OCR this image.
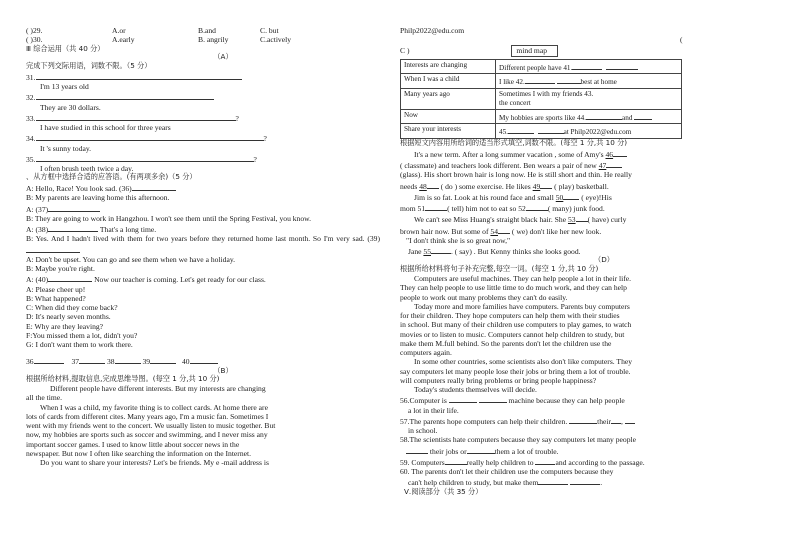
( )29.	A.or	B.and	C. but
( )30.	A.early	B. angrily	C.actively
Ⅲ 综合运用（共 40 分）
（A）
完成下列交际用语，词数不限。（5 分）
31.
I'm 13 years old
32.
They are 30 dollars.
33.	?
I have studied in this school for three years
34.	?
It 's sunny today.
35.	?
I often brush teeth twice a day.
、从方框中选择合适的应答语。(有两项多余)（5 分）
A: Hello, Race! You look sad. (36)
B: My parents are leaving home this afternoon.
A: (37)
B: They are going to work in Hangzhou. I won't see them until the Spring Festival, you know.
A: (38)	That's a long time.
B: Yes. And I hadn't lived with them for two years before they returned home last month. So I'm very sad. (39)
A: Don't be upset. You can go and see them when we have a holiday.
B: Maybe you're right.
A: (40)	Now our teacher is coming. Let's get ready for our class.
A: Please cheer up!
B: What happened?
C: When did they come back?
D: It's nearly seven months.
E: Why are they leaving?
F:You missed them a lot, didn't you?
G: I don't want them to work there.
36	37	38	39	40
（B）
根据所给材料,提取信息,完成思维导图。(每空 1 分,共 10 分)
Different people have different interests. But my interests are changing
all the time.
When I was a child, my favorite thing is to collect cards. At home there are
lots of cards from different cites. Many years ago, I'm a music fan. Sometimes I
went with my friends went to the concert. We usually listen to music together. But
now, my hobbies are sports such as soccer and swimming, and I never miss any
important soccer games. I used to know little about soccer news in the
newspaper. But now I often like searching the information on the Internet.
Do you want to share your interests? Let's be friends. My e -mail address is
Philp2022@edu.com
(
C )	mind map
Interests are changing	Different people have 41.
When I was a child	I like 42. best at home
Many years ago	Sometimes I with my friends 43.
the concert
Now	My hobbies are sports like 44. and
Share your interests	45. at Philp2022@edu.com
根据短文内容用所给词的适当形式填空,词数不限。(每空 1 分,共 10 分)
It's a new term. After a long summer vacation , some of Amy's 46
( classmate) and teachers look different. Ben wears a pair of new 47
(glass). His short brown hair is long now. He is still short and thin. He really
needs 48 ( do ) some exercise. He likes 49 ( play) basketball.
Jim is so fat. Look at his round face and small 50 ( eye)!His
mom 51	( tell) him not to eat so 52	( many) junk food.
We can't see Miss Huang's straight black hair. She 53 ( have) curly
brown hair now. But some of 54 ( we) don't like her new look.
"I don't think she is so great now,"
Jane 55	. ( say) . But Kenny thinks she looks good.
（D）
根据所给材料将句子补充完整,每空一词。(每空 1 分,共 10 分)
Computers are useful machines. They can help people a lot in their life.
They can help people to use little time to do much work, and they can help
people to work out many problems they can't do easily.
Today more and more families have computers. Parents buy computers
for their children. They hope computers can help them with their studies
in school. But many of their children use computers to play games, to watch
movies or to listen to music. Computers cannot help children to study, but
make them M.full behind. So the parents don't let the children use the
computers again.
In some other countries, some scientists also don't like computers. They
say computers let many people lose their jobs or bring them a lot of trouble.
will computers really bring problems or bring people happiness?
Today's students themselves will decide.
56.Computer is	machine because they can help people
a lot in their life.
57.The parents hope computers can help their children.	their ,
in school.
58.The scientists hate computers because they say computers let many people
their jobs or	them a lot of trouble.
59. Computers	really help children to	and according to the passage.
60. The parents don't let their children use the computers because they
can't help children to study, but make them	.
Ⅴ.阅读部分（共 35 分）
